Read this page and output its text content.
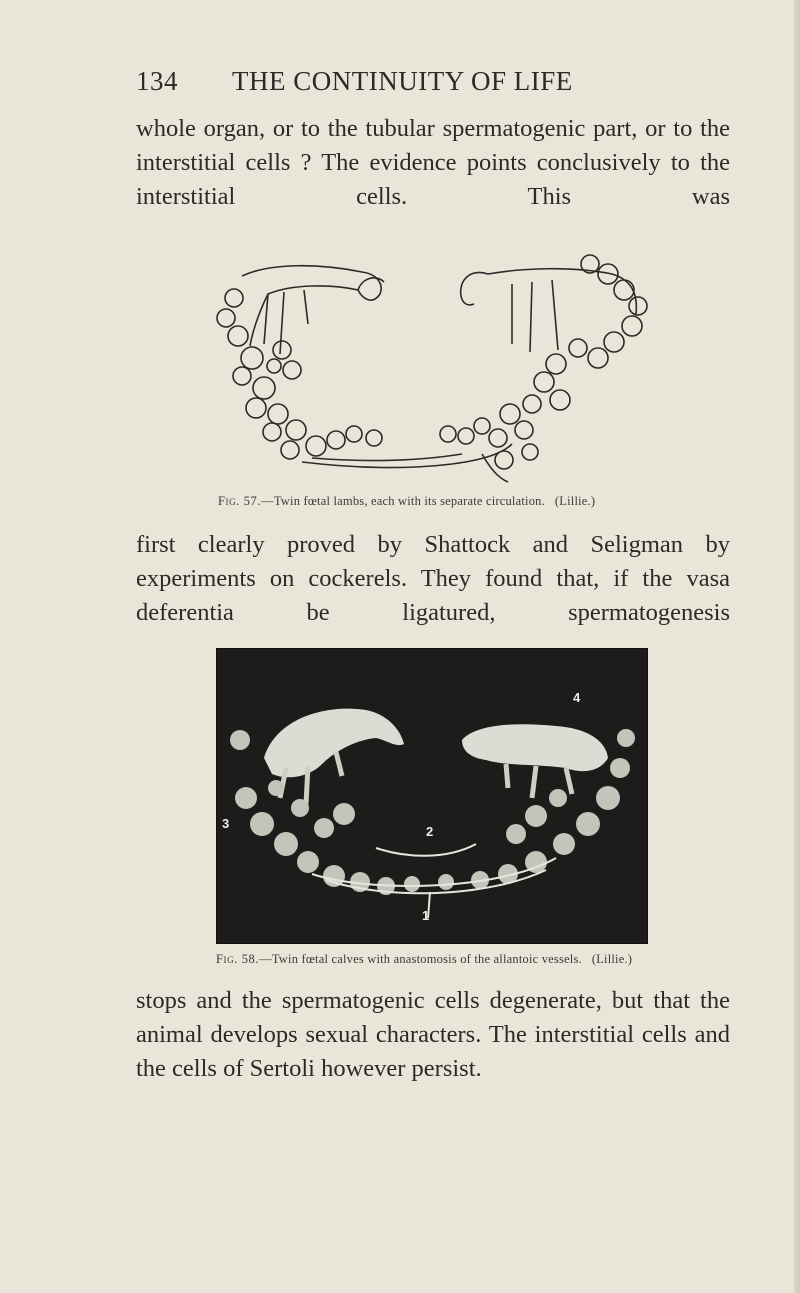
134 THE CONTINUITY OF LIFE

whole organ, or to the tubular spermatogenic part, or to the interstitial cells ? The evidence points conclusively to the interstitial cells. This was

Fig. 57.—Twin fœtal lambs, each with its separate circulation. (Lillie.)

first clearly proved by Shattock and Seligman by experiments on cockerels. They found that, if the vasa deferentia be ligatured, spermatogenesis

4
3
2
1
Fig. 58.—Twin fœtal calves with anastomosis of the allantoic vessels. (Lillie.)

stops and the spermatogenic cells degenerate, but that the animal develops sexual characters. The interstitial cells and the cells of Sertoli however persist.
